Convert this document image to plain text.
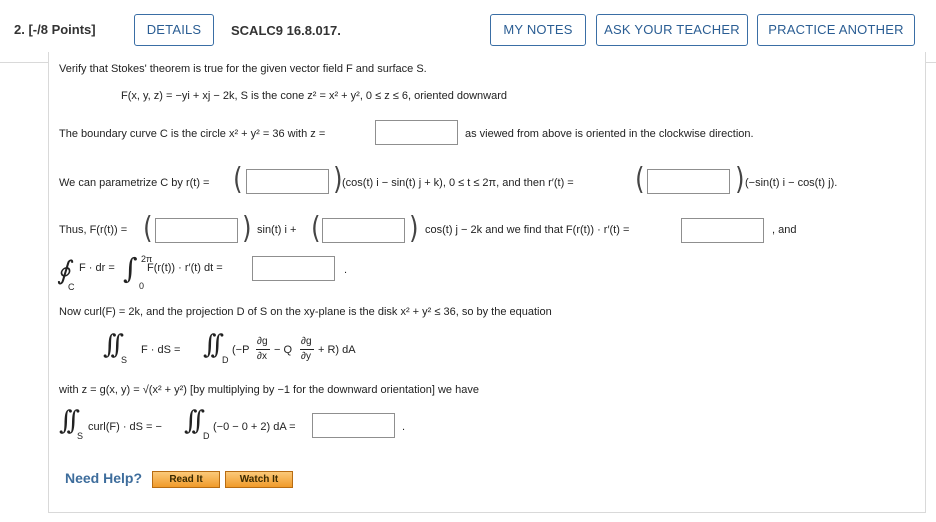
2. [-/8 Points]	DETAILS	SCALC9 16.8.017.	MY NOTES	ASK YOUR TEACHER	PRACTICE ANOTHER
Verify that Stokes' theorem is true for the given vector field F and surface S.
F(x, y, z) = −yi + xj − 2k, S is the cone z² = x² + y², 0 ≤ z ≤ 6, oriented downward
The boundary curve C is the circle x² + y² = 36 with z =	as viewed from above is oriented in the clockwise direction.
We can parametrize C by r(t) = (	) (cos(t) i − sin(t) j + k), 0 ≤ t ≤ 2π, and then r′(t) = (	) (−sin(t) i − cos(t) j).
Thus, F(r(t)) = (	) sin(t) i + (	) cos(t) j − 2k and we find that F(r(t)) · r′(t) =	, and
∮
C
F · dr = ∫ 2π
0
F(r(t)) · r′(t) dt =	.
Now curl(F) = 2k, and the projection D of S on the xy-plane is the disk x² + y² ≤ 36, so by the equation
∫∫ S
F · dS = ∫∫ D
(−P
∂g
∂x
− Q
∂g
∂y
+ R) dA
with z = g(x, y) = √(x² + y²) [by multiplying by −1 for the downward orientation] we have
∫∫ S
curl(F) · dS = − ∫∫ D
(−0 − 0 + 2) dA =	.
Need Help?	Read It	Watch It
